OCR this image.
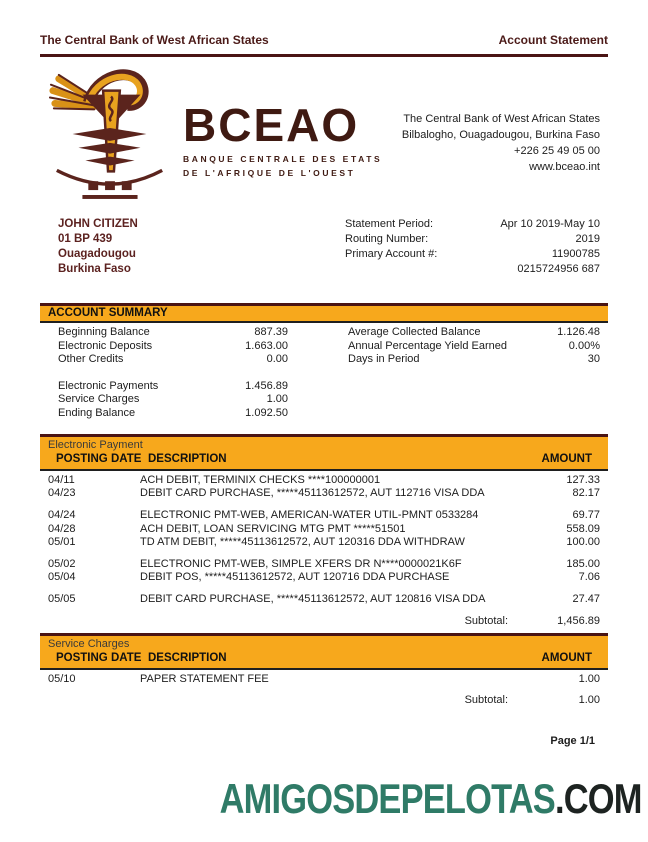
The Central Bank of West African States	Account Statement
BCEAO
BANQUE CENTRALE DES ETATS
DE L'AFRIQUE DE L'OUEST
The Central Bank of West African States
Bilbalogho, Ouagadougou, Burkina Faso
+226 25 49 05 00
www.bceao.int
JOHN CITIZEN
01 BP 439
Ouagadougou
Burkina Faso
Statement Period:	Apr 10 2019-May 10
Routing Number:	2019
Primary Account #:	11900785
0215724956 687
ACCOUNT SUMMARY
Beginning Balance	887.39
Electronic Deposits	1.663.00
Other Credits	0.00
Average Collected Balance	1.126.48
Annual Percentage Yield Earned	0.00%
Days in Period	30
Electronic Payments	1.456.89
Service Charges	1.00
Ending Balance	1.092.50
Electronic Payment
POSTING DATE DESCRIPTION	AMOUNT
04/11	ACH DEBIT, TERMINIX CHECKS ****100000001	127.33
04/23	DEBIT CARD PURCHASE, *****45113612572, AUT 112716 VISA DDA	82.17
04/24	ELECTRONIC PMT-WEB, AMERICAN-WATER UTIL-PMNT 0533284	69.77
04/28	ACH DEBIT, LOAN SERVICING MTG PMT *****51501	558.09
05/01	TD ATM DEBIT, *****45113612572, AUT 120316 DDA WITHDRAW	100.00
05/02	ELECTRONIC PMT-WEB, SIMPLE XFERS DR N****0000021K6F	185.00
05/04	DEBIT POS, *****45113612572, AUT 120716 DDA PURCHASE	7.06
05/05	DEBIT CARD PURCHASE, *****45113612572, AUT 120816 VISA DDA	27.47
Subtotal:	1,456.89
Service Charges
POSTING DATE DESCRIPTION	AMOUNT
05/10	PAPER STATEMENT FEE	1.00
Subtotal:	1.00
Page 1/1
AMIGOSDEPELOTAS.COM
